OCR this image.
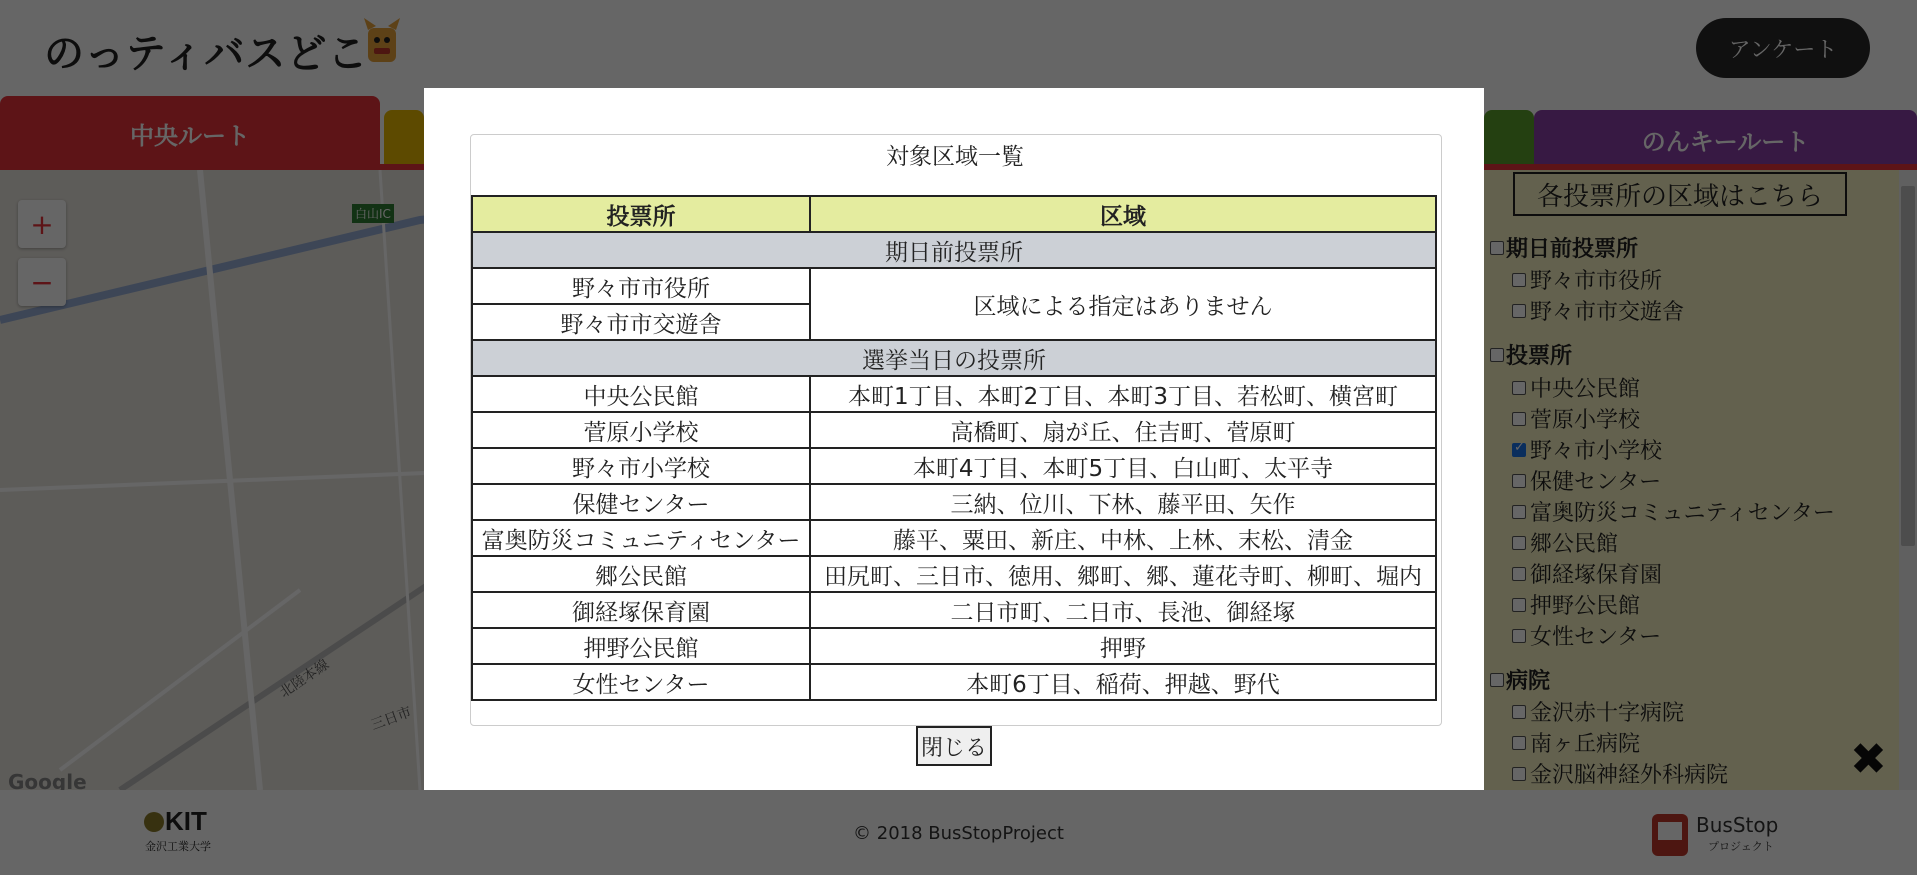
✓
対象区域一覧
投票所	区域
期日前投票所	
野々市市役所	区域による指定はありません
野々市市交遊舎	
選挙当日の投票所	
中央公民館	本町1丁目、本町2丁目、本町3丁目、若松町、横宮町
菅原小学校	高橋町、扇が丘、住吉町、菅原町
野々市小学校	本町4丁目、本町5丁目、白山町、太平寺
保健センター	三納、位川、下林、藤平田、矢作
富奥防災コミュニティセンター	藤平、粟田、新庄、中林、上林、末松、清金
郷公民館	田尻町、三日市、徳用、郷町、郷、蓮花寺町、柳町、堀内
御経塚保育園	二日市町、二日市、長池、御経塚
押野公民館	押野
女性センター	本町6丁目、稲荷、押越、野代
閉じる
